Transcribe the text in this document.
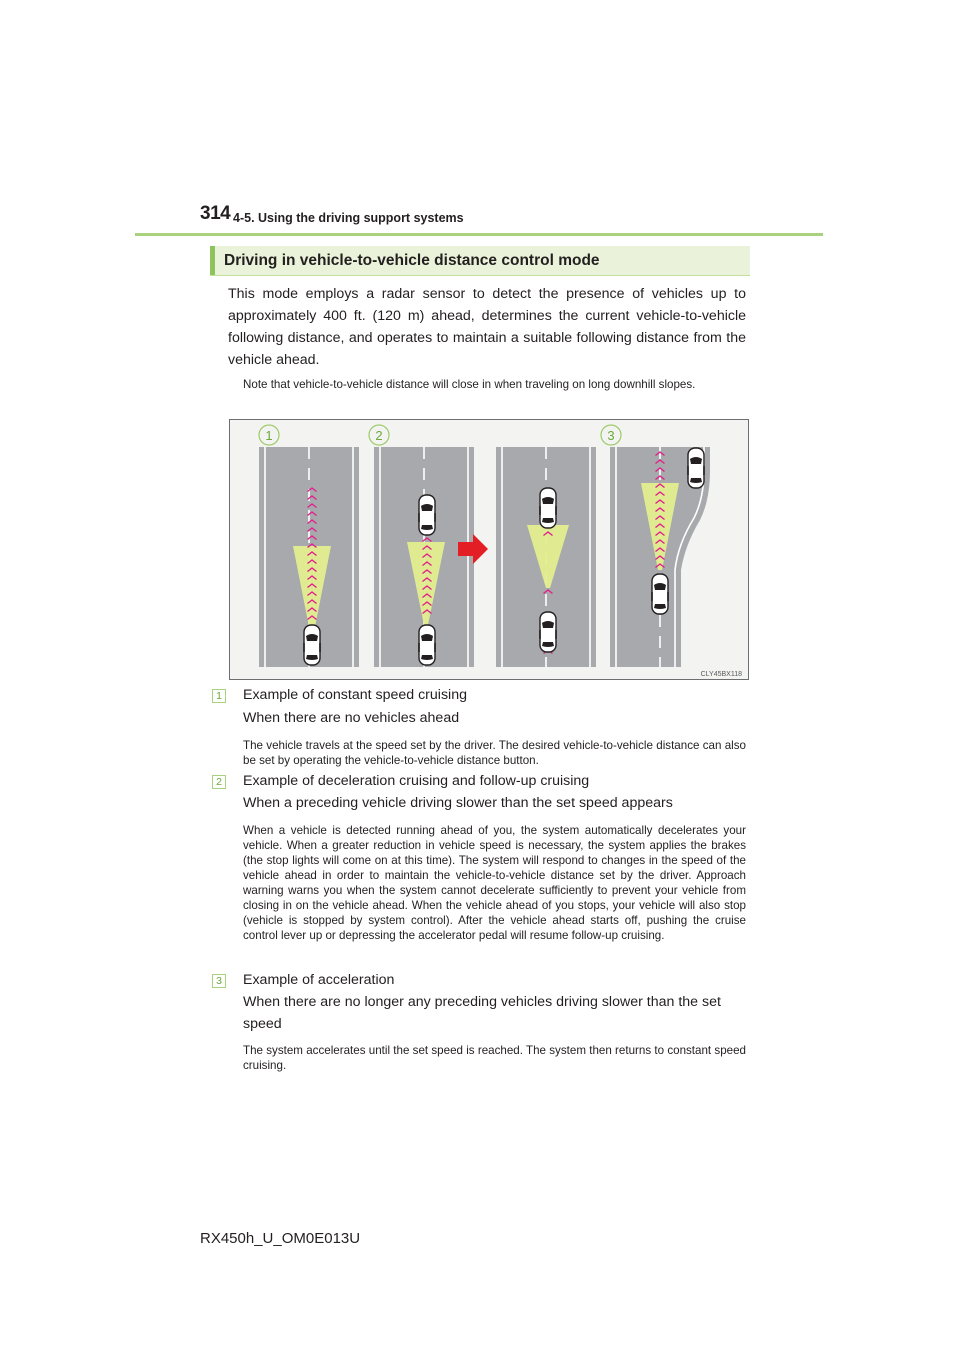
314 4-5. Using the driving support systems
Driving in vehicle-to-vehicle distance control mode
This mode employs a radar sensor to detect the presence of vehicles up to approximately 400 ft. (120 m) ahead, determines the current vehicle-to-vehicle following distance, and operates to maintain a suitable following distance from the vehicle ahead.
Note that vehicle-to-vehicle distance will close in when traveling on long downhill slopes.
1	2	3
CLY45BX118
1 Example of constant speed cruising
When there are no vehicles ahead
The vehicle travels at the speed set by the driver. The desired vehicle-to-vehicle distance can also be set by operating the vehicle-to-vehicle distance button.
2 Example of deceleration cruising and follow-up cruising
When a preceding vehicle driving slower than the set speed appears
When a vehicle is detected running ahead of you, the system automatically decelerates your vehicle. When a greater reduction in vehicle speed is necessary, the system applies the brakes (the stop lights will come on at this time). The system will respond to changes in the speed of the vehicle ahead in order to maintain the vehicle-to-vehicle distance set by the driver. Approach warning warns you when the system cannot decelerate sufficiently to prevent your vehicle from closing in on the vehicle ahead. When the vehicle ahead of you stops, your vehicle will also stop (vehicle is stopped by system control). After the vehicle ahead starts off, pushing the cruise control lever up or depressing the accelerator pedal will resume follow-up cruising.
3 Example of acceleration
When there are no longer any preceding vehicles driving slower than the set speed
The system accelerates until the set speed is reached. The system then returns to constant speed cruising.
RX450h_U_OM0E013U
